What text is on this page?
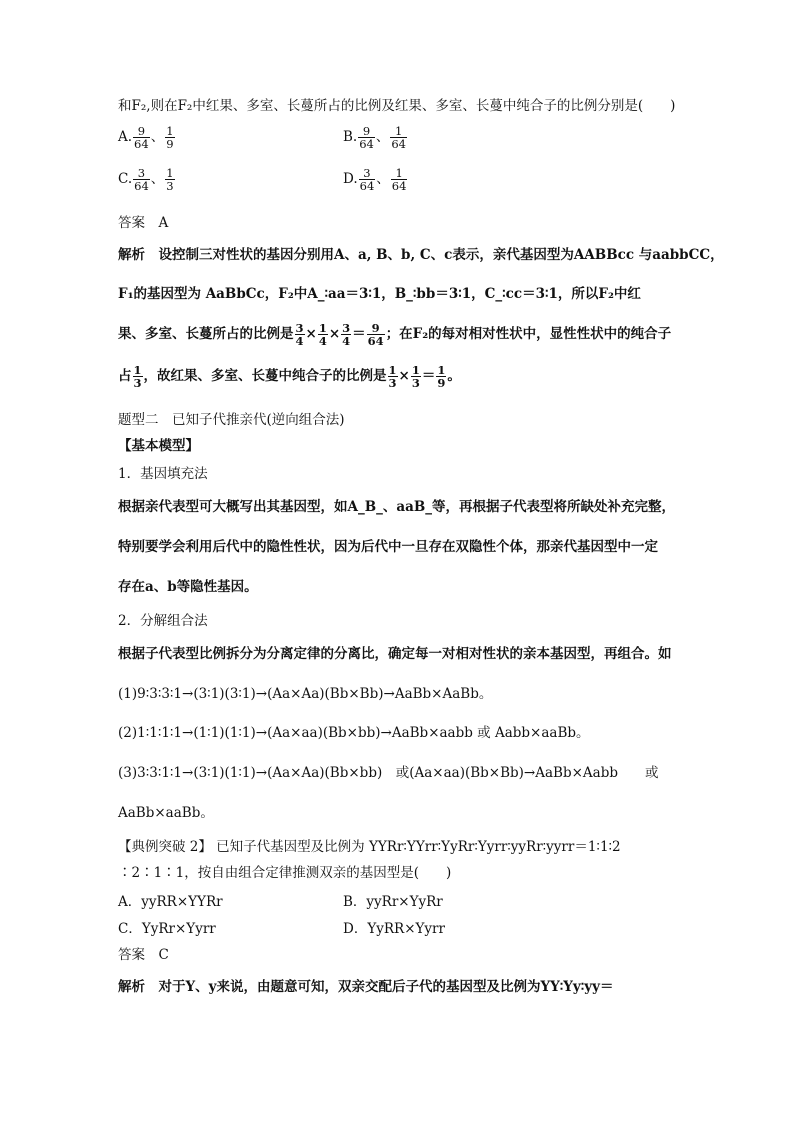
和F₂,则在F₂中红果、多室、长蔓所占的比例及红果、多室、长蔓中纯合子的比例分别是(　　)
A. $\frac{9}{64}$ 、 $\frac{1}{9}$	B. $\frac{9}{64}$ 、 $\frac{1}{64}$
C. $\frac{3}{64}$ 、 $\frac{1}{3}$	D. $\frac{3}{64}$ 、 $\frac{1}{64}$
答案　A
解析　设控制三对性状的基因分别用A、a, B、b, C、c表示，亲代基因型为AABBcc 与aabbCC，
F₁的基因型为 AaBbCc，F₂中A_∶aa＝3∶1，B_∶bb＝3∶1，C_∶cc＝3∶1，所以F₂中红
果、多室、长蔓所占的比例是 $\frac{3}{4} \times \frac{1}{4} \times \frac{3}{4} = \frac{9}{64}$ ；在F₂的每对相对性状中，显性性状中的纯合子
占 $\frac{1}{3}$ ，故红果、多室、长蔓中纯合子的比例是 $\frac{1}{3} \times \frac{1}{3} = \frac{1}{9}$ 。
题型二　已知子代推亲代(逆向组合法)
【基本模型】
1．基因填充法
根据亲代表型可大概写出其基因型，如A_B_、aaB_等，再根据子代表型将所缺处补充完整，
特别要学会利用后代中的隐性性状，因为后代中一旦存在双隐性个体，那亲代基因型中一定
存在a、b等隐性基因。
2．分解组合法
根据子代表型比例拆分为分离定律的分离比，确定每一对相对性状的亲本基因型，再组合。如
(1)9∶3∶3∶1→(3∶1)(3∶1)→(Aa×Aa)(Bb×Bb)→AaBb×AaBb。
(2)1∶1∶1∶1→(1∶1)(1∶1)→(Aa×aa)(Bb×bb)→AaBb×aabb 或 Aabb×aaBb。
(3)3∶3∶1∶1→(3∶1)(1∶1)→(Aa×Aa)(Bb×bb)　或(Aa×aa)(Bb×Bb)→AaBb×Aabb　　或
AaBb×aaBb。
【典例突破 2】 已知子代基因型及比例为 YYRr∶YYrr∶YyRr∶Yyrr∶yyRr∶yyrr＝1∶1∶2
∶2∶1∶1，按自由组合定律推测双亲的基因型是(　　)
A．yyRR×YYRr	B．yyRr×YyRr
C．YyRr×Yyrr	D．YyRR×Yyrr
答案　C
解析　对于Y、y来说，由题意可知，双亲交配后子代的基因型及比例为YY∶Yy∶yy＝
